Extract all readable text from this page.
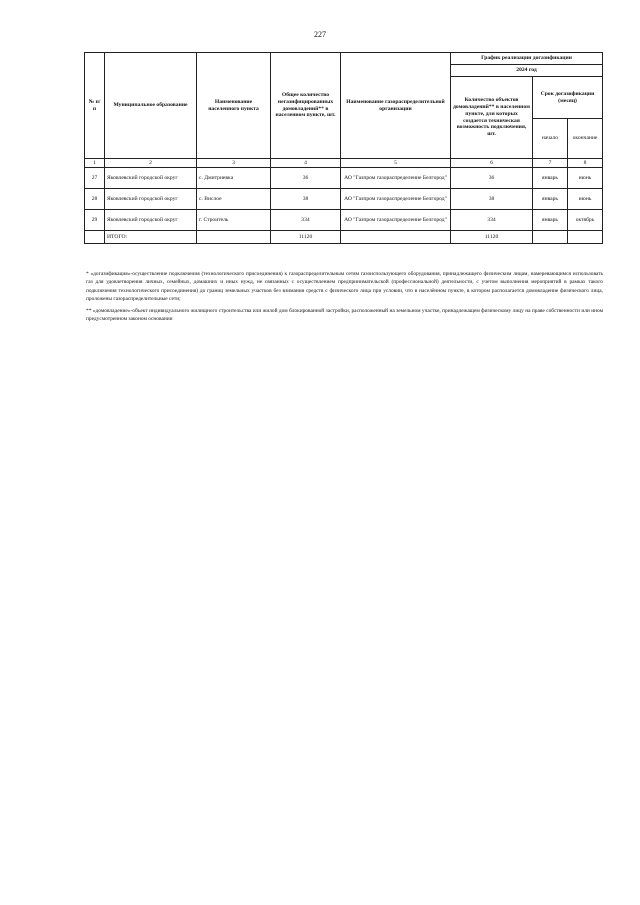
227
№ п/п	Муниципальное образование	Наименование населенного пункта	Общее количество негазифицированных домовладений** в населенном пункте, шт.	Наименование газораспределительной организации	График реализации догазификации		
					2024 год		
					Количество объектов домовладений** в населенном пункте, для которых создается техническая возможность подключения, шт.	Срок догазификации (месяц)	
						начало	окончание
1	2	3	4	5	6	7	8
27	Яковлевский городской округ	с. Дмитриевка	36	АО "Газпром газораспределение Белгород"	36	январь	июнь
28	Яковлевский городской округ	с. Вислое	38	АО "Газпром газораспределение Белгород"	38	январь	июнь
29	Яковлевский городской округ	г. Строитель	334	АО "Газпром газораспределение Белгород"	334	январь	октябрь
	ИТОГО:		11120		11120		

* «догазификация»-осуществление подключения (технологического присоединения) к газораспределительным сетям газоиспользующего оборудования, принадлежащего физическим лицам, намеревающимся использовать газ для удовлетворения личных, семейных, домашних и иных нужд, не связанных с осуществлением предпринимательской (профессиональной) деятельности, с учетом выполнения мероприятий в рамках такого подключения технологического присоединения) до границ земельных участков без взимания средств с физического лица при условии, что в населённом пункте, в котором располагается домовладение физического лица, проложены газораспределительные сети;

** «домовладение»-объект индивидуального жилищного строительства или жилой дом блокированной застройки, расположенный на земельном участке, принадлежащем физическому лицу на праве собственности или ином предусмотренном законом основании
